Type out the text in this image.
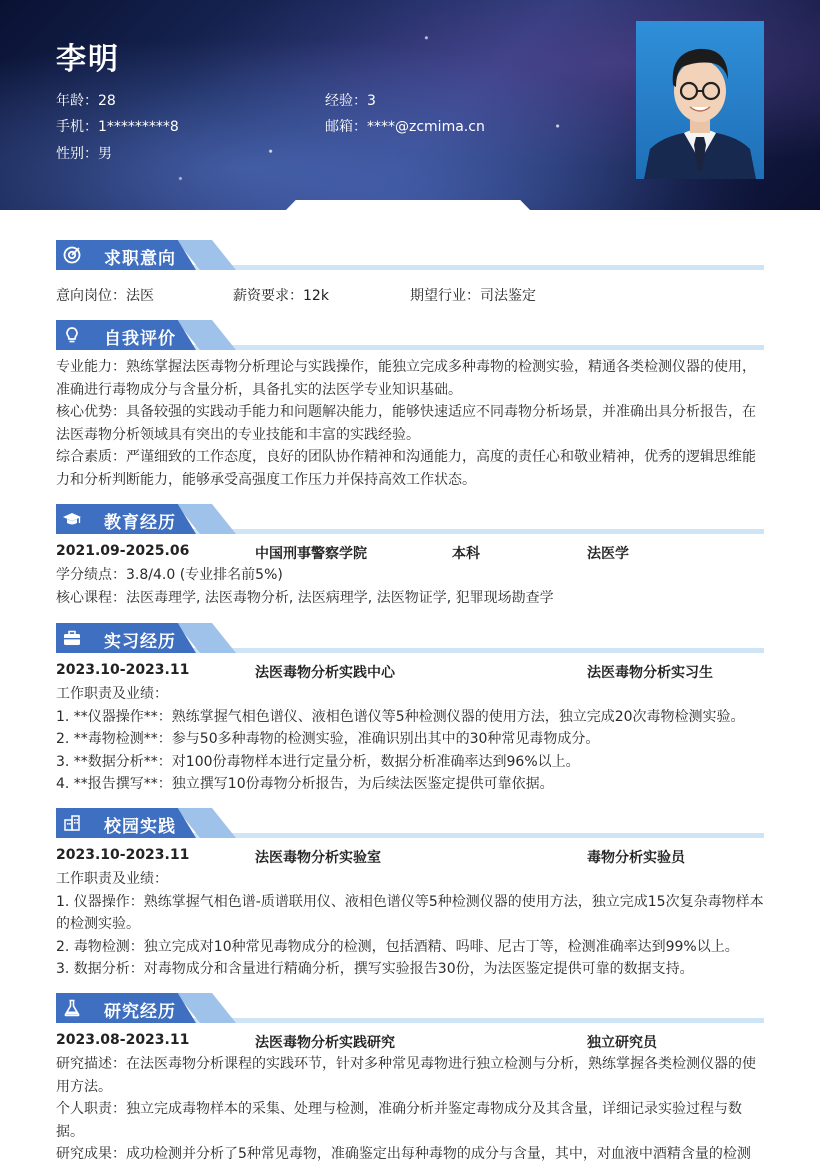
李明
年龄：28	经验：3
手机：1*********8	邮箱：****@zcmima.cn
性别：男
求职意向
意向岗位：法医	薪资要求：12k	期望行业：司法鉴定
自我评价
专业能力：熟练掌握法医毒物分析理论与实践操作，能独立完成多种毒物的检测实验，精通各类检测仪器的使用，
准确进行毒物成分与含量分析，具备扎实的法医学专业知识基础。
核心优势：具备较强的实践动手能力和问题解决能力，能够快速适应不同毒物分析场景，并准确出具分析报告，在
法医毒物分析领域具有突出的专业技能和丰富的实践经验。
综合素质：严谨细致的工作态度，良好的团队协作精神和沟通能力，高度的责任心和敬业精神，优秀的逻辑思维能
力和分析判断能力，能够承受高强度工作压力并保持高效工作状态。
教育经历
2021.09-2025.06	中国刑事警察学院	本科	法医学
学分绩点：3.8/4.0 (专业排名前5%)
核心课程：法医毒理学, 法医毒物分析, 法医病理学, 法医物证学, 犯罪现场勘查学
实习经历
2023.10-2023.11	法医毒物分析实践中心	法医毒物分析实习生
工作职责及业绩：
1. **仪器操作**：熟练掌握气相色谱仪、液相色谱仪等5种检测仪器的使用方法，独立完成20次毒物检测实验。
2. **毒物检测**：参与50多种毒物的检测实验，准确识别出其中的30种常见毒物成分。
3. **数据分析**：对100份毒物样本进行定量分析，数据分析准确率达到96%以上。
4. **报告撰写**：独立撰写10份毒物分析报告，为后续法医鉴定提供可靠依据。
校园实践
2023.10-2023.11	法医毒物分析实验室	毒物分析实验员
工作职责及业绩：
1. 仪器操作：熟练掌握气相色谱-质谱联用仪、液相色谱仪等5种检测仪器的使用方法，独立完成15次复杂毒物样本
的检测实验。
2. 毒物检测：独立完成对10种常见毒物成分的检测，包括酒精、吗啡、尼古丁等，检测准确率达到99%以上。
3. 数据分析：对毒物成分和含量进行精确分析，撰写实验报告30份，为法医鉴定提供可靠的数据支持。
研究经历
2023.08-2023.11	法医毒物分析实践研究	独立研究员
研究描述：在法医毒物分析课程的实践环节，针对多种常见毒物进行独立检测与分析，熟练掌握各类检测仪器的使
用方法。
个人职责：独立完成毒物样本的采集、处理与检测，准确分析并鉴定毒物成分及其含量，详细记录实验过程与数
据。
研究成果：成功检测并分析了5种常见毒物，准确鉴定出每种毒物的成分与含量，其中，对血液中酒精含量的检测
